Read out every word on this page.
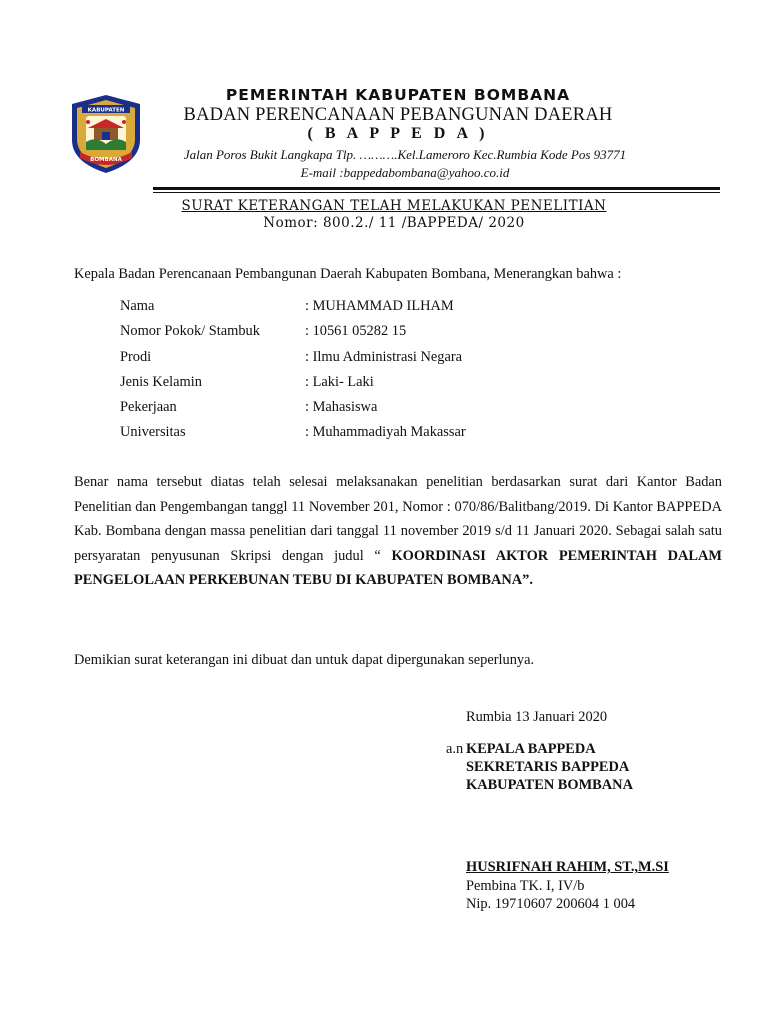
KABUPATEN
BOMBANA
PEMERINTAH KABUPATEN BOMBANA
BADAN PERENCANAAN PEBANGUNAN DAERAH
( B A P P E D A )
Jalan Poros Bukit Langkapa Tlp. ……….Kel.Lameroro Kec.Rumbia Kode Pos 93771
E-mail :bappedabombana@yahoo.co.id
SURAT KETERANGAN TELAH MELAKUKAN PENELITIAN
Nomor: 800.2./ 11 /BAPPEDA/ 2020
Kepala Badan Perencanaan Pembangunan Daerah Kabupaten Bombana, Menerangkan bahwa :
Nama	: MUHAMMAD ILHAM
Nomor Pokok/ Stambuk	: 10561 05282 15
Prodi	: Ilmu Administrasi Negara
Jenis Kelamin	: Laki- Laki
Pekerjaan	: Mahasiswa
Universitas	: Muhammadiyah Makassar
Benar nama tersebut diatas telah selesai melaksanakan penelitian berdasarkan surat dari Kantor Badan Penelitian dan Pengembangan tanggl 11 November 201, Nomor : 070/86/Balitbang/2019. Di Kantor BAPPEDA Kab. Bombana dengan massa penelitian dari tanggal 11 november 2019 s/d 11 Januari 2020. Sebagai salah satu persyaratan penyusunan Skripsi dengan judul “ KOORDINASI AKTOR PEMERINTAH DALAM PENGELOLAAN PERKEBUNAN TEBU DI KABUPATEN BOMBANA”.
Demikian surat keterangan ini dibuat dan untuk dapat dipergunakan seperlunya.
Rumbia 13 Januari 2020
a.n KEPALA BAPPEDA
SEKRETARIS BAPPEDA
KABUPATEN BOMBANA
HUSRIFNAH RAHIM, ST.,M.SI
Pembina TK. I, IV/b
Nip. 19710607 200604 1 004
